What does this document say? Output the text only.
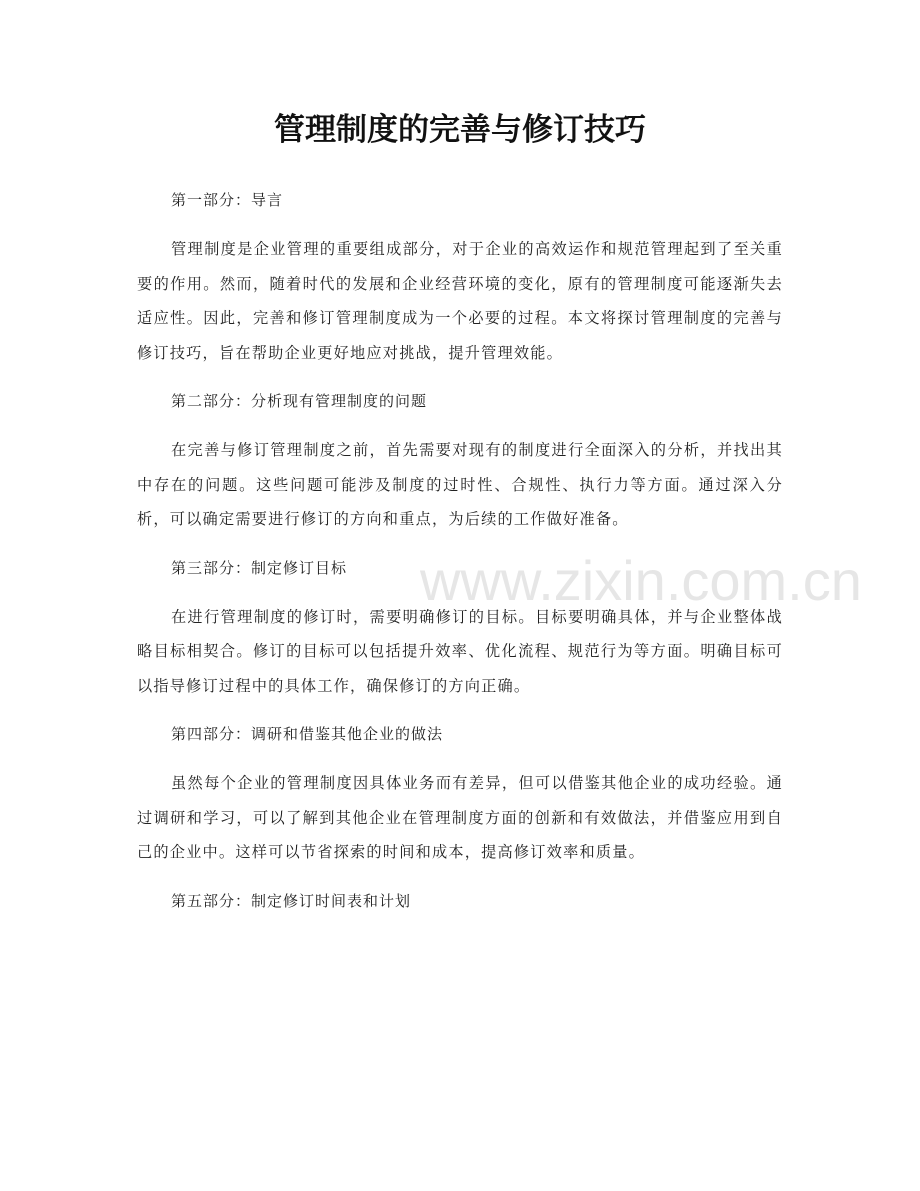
管理制度的完善与修订技巧

第一部分：导言

管理制度是企业管理的重要组成部分，对于企业的高效运作和规范管理起到了至关重要的作用。然而，随着时代的发展和企业经营环境的变化，原有的管理制度可能逐渐失去适应性。因此，完善和修订管理制度成为一个必要的过程。本文将探讨管理制度的完善与修订技巧，旨在帮助企业更好地应对挑战，提升管理效能。

第二部分：分析现有管理制度的问题

在完善与修订管理制度之前，首先需要对现有的制度进行全面深入的分析，并找出其中存在的问题。这些问题可能涉及制度的过时性、合规性、执行力等方面。通过深入分析，可以确定需要进行修订的方向和重点，为后续的工作做好准备。

第三部分：制定修订目标

在进行管理制度的修订时，需要明确修订的目标。目标要明确具体，并与企业整体战略目标相契合。修订的目标可以包括提升效率、优化流程、规范行为等方面。明确目标可以指导修订过程中的具体工作，确保修订的方向正确。

第四部分：调研和借鉴其他企业的做法

虽然每个企业的管理制度因具体业务而有差异，但可以借鉴其他企业的成功经验。通过调研和学习，可以了解到其他企业在管理制度方面的创新和有效做法，并借鉴应用到自己的企业中。这样可以节省探索的时间和成本，提高修订效率和质量。

第五部分：制定修订时间表和计划

www.zixin.com.cn
